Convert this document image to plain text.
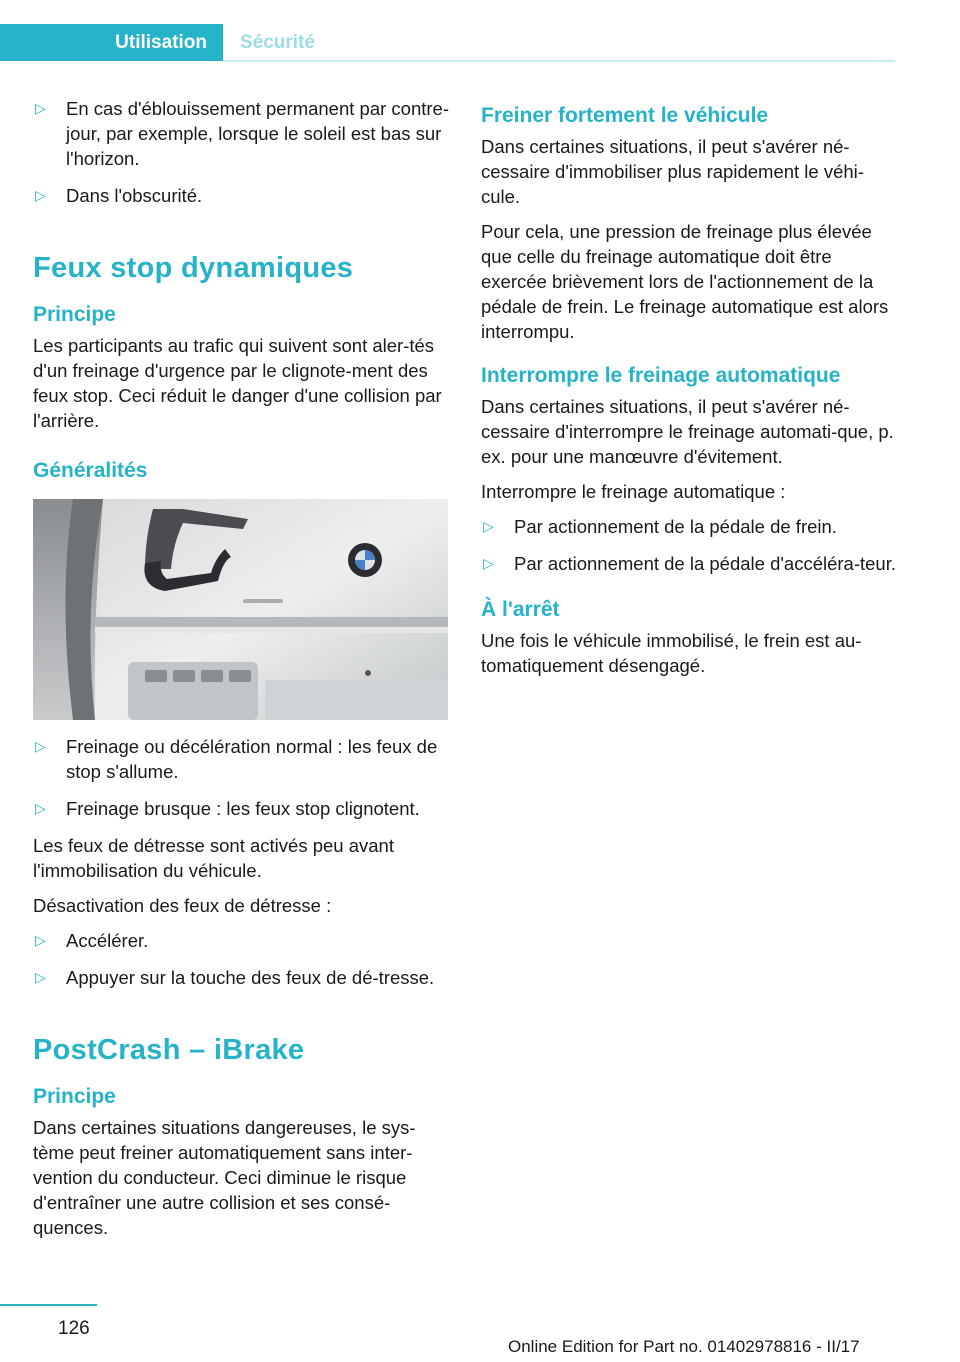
Utilisation	Sécurité
▷ En cas d'éblouissement permanent par contre-jour, par exemple, lorsque le soleil est bas sur l'horizon.
▷ Dans l'obscurité.
Feux stop dynamiques
Principe

Les participants au trafic qui suivent sont aler-tés d'un freinage d'urgence par le clignote-ment des feux stop. Ceci réduit le danger d'une collision par l'arrière.

Généralités
▷ Freinage ou décélération normal : les feux de stop s'allume.
▷ Freinage brusque : les feux stop clignotent.

Les feux de détresse sont activés peu avant l'immobilisation du véhicule.

Désactivation des feux de détresse :

▷ Accélérer.
▷ Appuyer sur la touche des feux de dé-tresse.
PostCrash – iBrake
Principe

Dans certaines situations dangereuses, le sys-tème peut freiner automatiquement sans inter-vention du conducteur. Ceci diminue le risque d'entraîner une autre collision et ses consé-quences.

Freiner fortement le véhicule

Dans certaines situations, il peut s'avérer né-cessaire d'immobiliser plus rapidement le véhi-cule.

Pour cela, une pression de freinage plus élevée que celle du freinage automatique doit être exercée brièvement lors de l'actionnement de la pédale de frein. Le freinage automatique est alors interrompu.

Interrompre le freinage automatique

Dans certaines situations, il peut s'avérer né-cessaire d'interrompre le freinage automati-que, p. ex. pour une manœuvre d'évitement.

Interrompre le freinage automatique :

▷ Par actionnement de la pédale de frein.
▷ Par actionnement de la pédale d'accéléra-teur.
À l'arrêt

Une fois le véhicule immobilisé, le frein est au-tomatiquement désengagé.

126
Online Edition for Part no. 01402978816 - II/17
